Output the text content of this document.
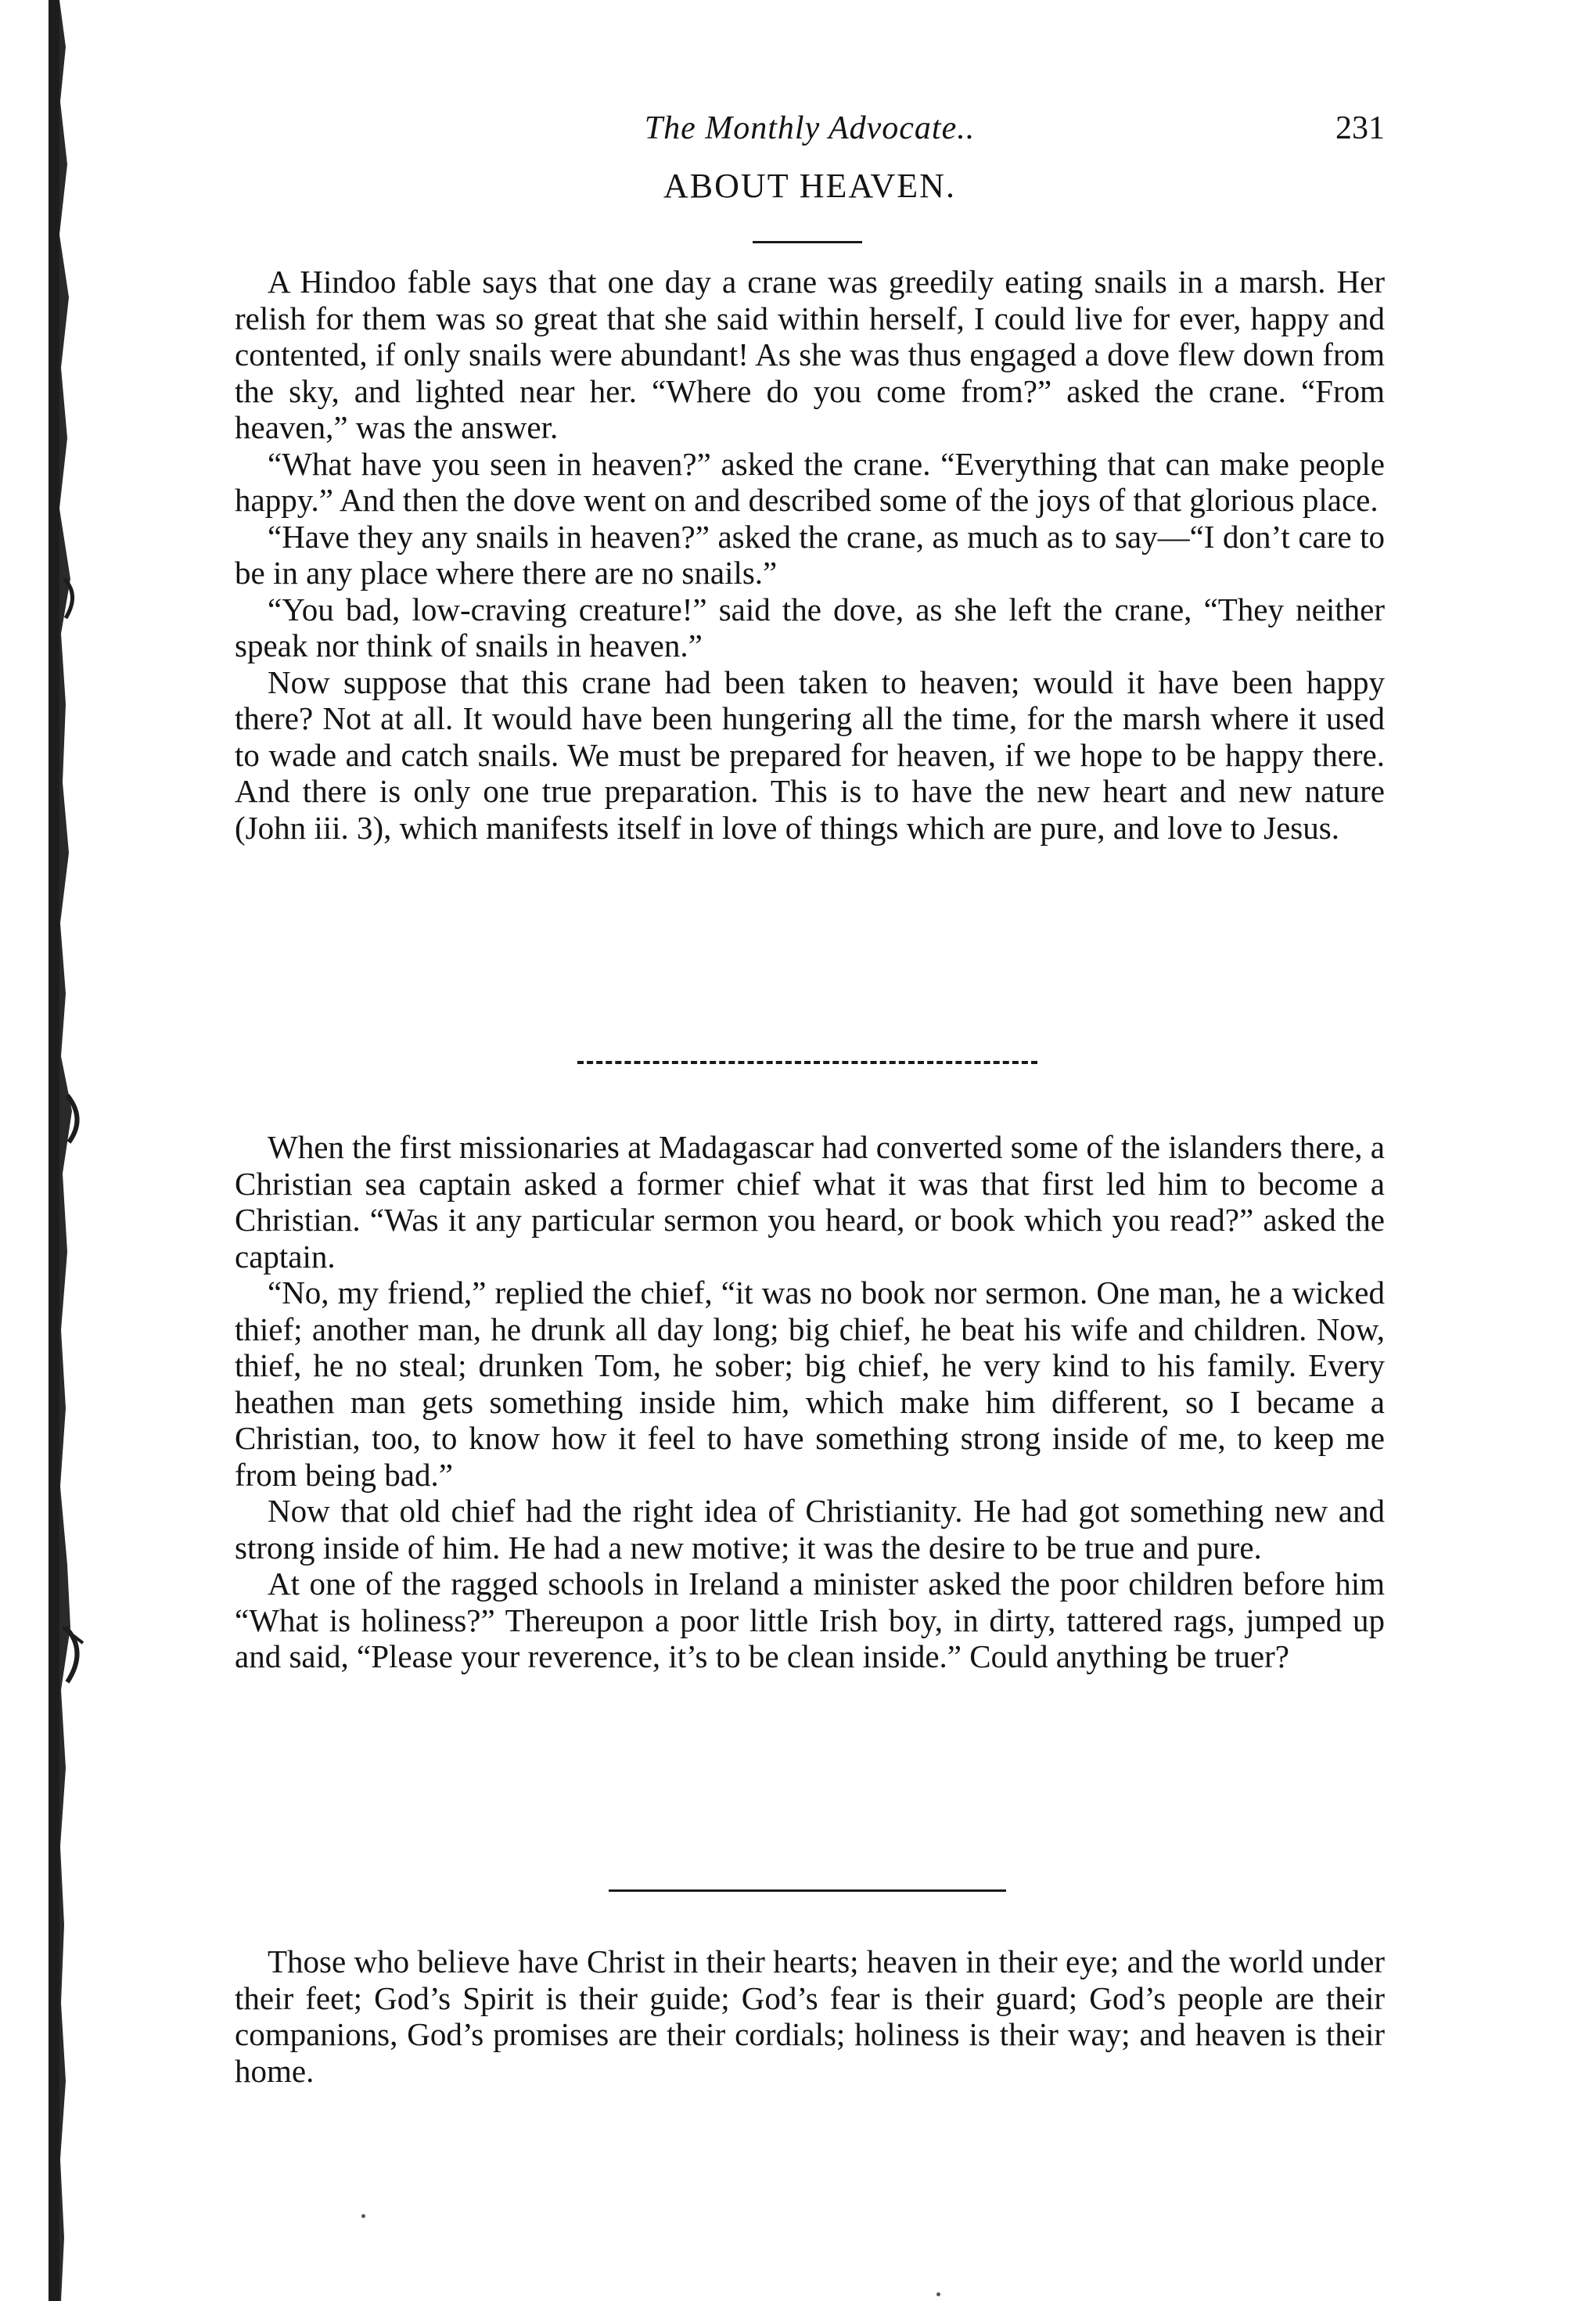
The Monthly Advocate..	231
ABOUT HEAVEN.

A Hindoo fable says that one day a crane was greedily eating snails in a marsh. Her relish for them was so great that she said within herself, I could live for ever, happy and contented, if only snails were abundant! As she was thus engaged a dove flew down from the sky, and lighted near her. “Where do you come from?” asked the crane. “From heaven,” was the answer.

“What have you seen in heaven?” asked the crane. “Everything that can make people happy.” And then the dove went on and described some of the joys of that glorious place.

“Have they any snails in heaven?” asked the crane, as much as to say—“I don’t care to be in any place where there are no snails.”

“You bad, low-craving creature!” said the dove, as she left the crane, “They neither speak nor think of snails in heaven.”

Now suppose that this crane had been taken to heaven; would it have been happy there? Not at all. It would have been hungering all the time, for the marsh where it used to wade and catch snails. We must be prepared for heaven, if we hope to be happy there. And there is only one true preparation. This is to have the new heart and new nature (John iii. 3), which manifests itself in love of things which are pure, and love to Jesus.

When the first missionaries at Madagascar had converted some of the islanders there, a Christian sea captain asked a former chief what it was that first led him to become a Christian. “Was it any particular sermon you heard, or book which you read?” asked the captain.

“No, my friend,” replied the chief, “it was no book nor sermon. One man, he a wicked thief; another man, he drunk all day long; big chief, he beat his wife and children. Now, thief, he no steal; drunken Tom, he sober; big chief, he very kind to his family. Every heathen man gets something inside him, which make him different, so I became a Christian, too, to know how it feel to have something strong inside of me, to keep me from being bad.”

Now that old chief had the right idea of Christianity. He had got something new and strong inside of him. He had a new motive; it was the desire to be true and pure.

At one of the ragged schools in Ireland a minister asked the poor children before him “What is holiness?” Thereupon a poor little Irish boy, in dirty, tattered rags, jumped up and said, “Please your reverence, it’s to be clean inside.” Could anything be truer?

Those who believe have Christ in their hearts; heaven in their eye; and the world under their feet; God’s Spirit is their guide; God’s fear is their guard; God’s people are their companions, God’s promises are their cordials; holiness is their way; and heaven is their home.
